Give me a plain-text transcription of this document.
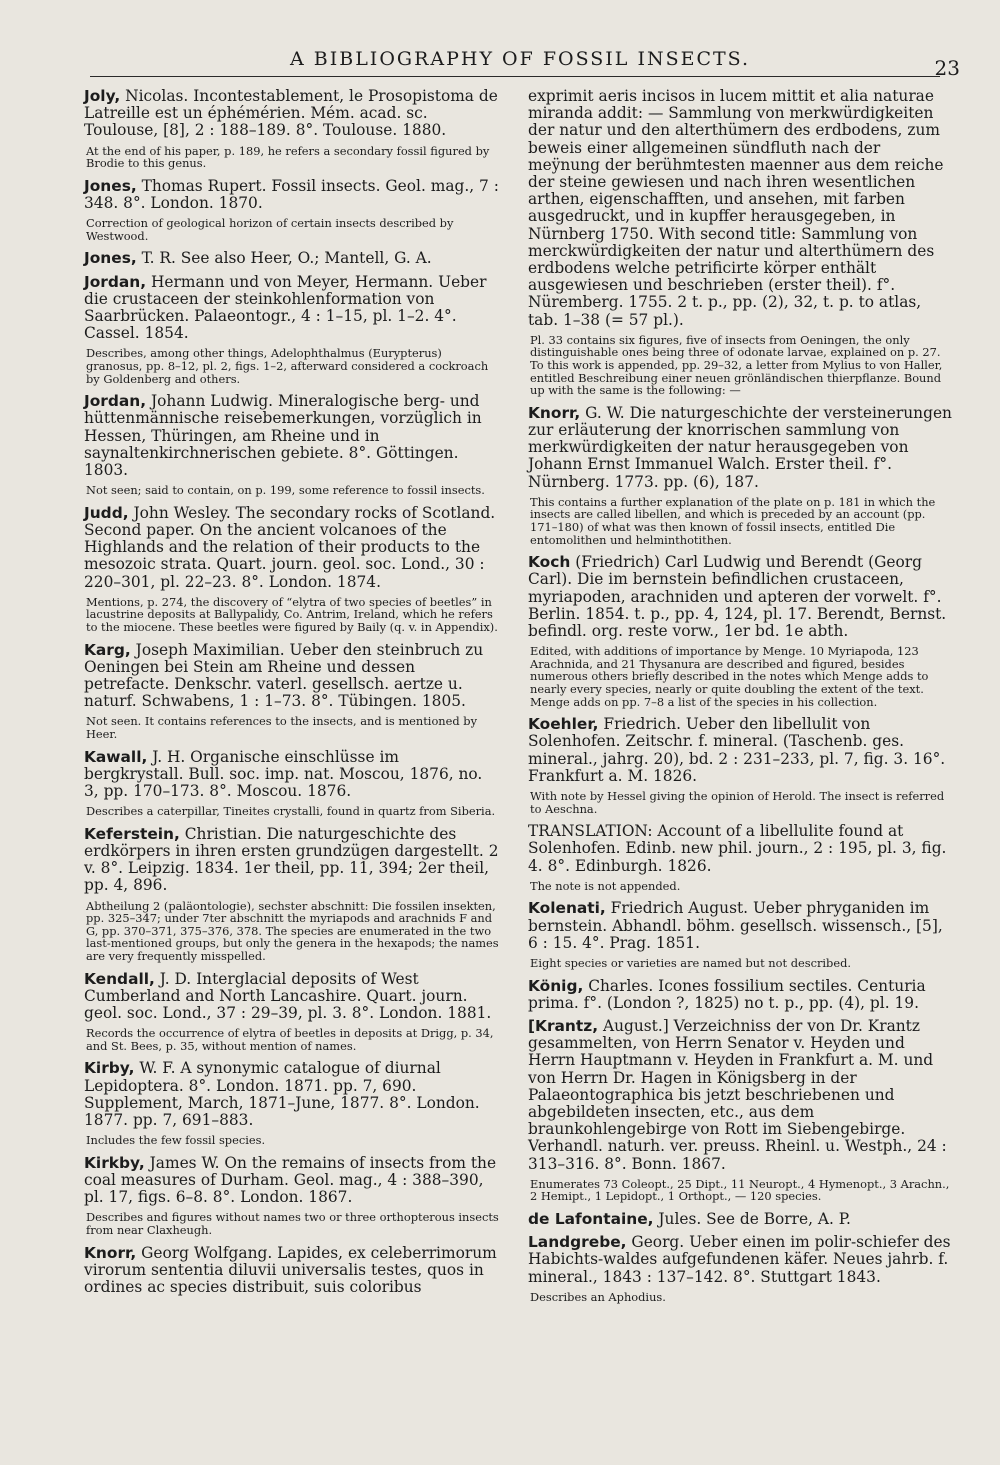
A BIBLIOGRAPHY OF FOSSIL INSECTS.	23

Joly, Nicolas. Incontestablement, le Prosopistoma de Latreille est un éphémérien. Mém. acad. sc. Toulouse, [8], 2 : 188–189. 8°. Toulouse. 1880.

At the end of his paper, p. 189, he refers a secondary fossil figured by Brodie to this genus.

Jones, Thomas Rupert. Fossil insects. Geol. mag., 7 : 348. 8°. London. 1870.

Correction of geological horizon of certain insects described by Westwood.

Jones, T. R. See also Heer, O.; Mantell, G. A.

Jordan, Hermann und von Meyer, Hermann. Ueber die crustaceen der steinkohlenformation von Saarbrücken. Palaeontogr., 4 : 1–15, pl. 1–2. 4°. Cassel. 1854.

Describes, among other things, Adelophthalmus (Eurypterus) granosus, pp. 8–12, pl. 2, figs. 1–2, afterward considered a cockroach by Goldenberg and others.

Jordan, Johann Ludwig. Mineralogische berg- und hüttenmännische reisebemerkungen, vorzüglich in Hessen, Thüringen, am Rheine und in saynaltenkirchnerischen gebiete. 8°. Göttingen. 1803.

Not seen; said to contain, on p. 199, some reference to fossil insects.

Judd, John Wesley. The secondary rocks of Scotland. Second paper. On the ancient volcanoes of the Highlands and the relation of their products to the mesozoic strata. Quart. journ. geol. soc. Lond., 30 : 220–301, pl. 22–23. 8°. London. 1874.

Mentions, p. 274, the discovery of “elytra of two species of beetles” in lacustrine deposits at Ballypalidy, Co. Antrim, Ireland, which he refers to the miocene. These beetles were figured by Baily (q. v. in Appendix).

Karg, Joseph Maximilian. Ueber den steinbruch zu Oeningen bei Stein am Rheine und dessen petrefacte. Denkschr. vaterl. gesellsch. aertze u. naturf. Schwabens, 1 : 1–73. 8°. Tübingen. 1805.

Not seen. It contains references to the insects, and is mentioned by Heer.

Kawall, J. H. Organische einschlüsse im bergkrystall. Bull. soc. imp. nat. Moscou, 1876, no. 3, pp. 170–173. 8°. Moscou. 1876.

Describes a caterpillar, Tineites crystalli, found in quartz from Siberia.

Keferstein, Christian. Die naturgeschichte des erdkörpers in ihren ersten grundzügen dargestellt. 2 v. 8°. Leipzig. 1834. 1er theil, pp. 11, 394; 2er theil, pp. 4, 896.

Abtheilung 2 (paläontologie), sechster abschnitt: Die fossilen insekten, pp. 325–347; under 7ter abschnitt the myriapods and arachnids F and G, pp. 370–371, 375–376, 378. The species are enumerated in the two last-mentioned groups, but only the genera in the hexapods; the names are very frequently misspelled.

Kendall, J. D. Interglacial deposits of West Cumberland and North Lancashire. Quart. journ. geol. soc. Lond., 37 : 29–39, pl. 3. 8°. London. 1881.

Records the occurrence of elytra of beetles in deposits at Drigg, p. 34, and St. Bees, p. 35, without mention of names.

Kirby, W. F. A synonymic catalogue of diurnal Lepidoptera. 8°. London. 1871. pp. 7, 690. Supplement, March, 1871–June, 1877. 8°. London. 1877. pp. 7, 691–883.

Includes the few fossil species.

Kirkby, James W. On the remains of insects from the coal measures of Durham. Geol. mag., 4 : 388–390, pl. 17, figs. 6–8. 8°. London. 1867.

Describes and figures without names two or three orthopterous insects from near Claxheugh.

Knorr, Georg Wolfgang. Lapides, ex celeberrimorum virorum sententia diluvii universalis testes, quos in ordines ac species distribuit, suis coloribus

exprimit aeris incisos in lucem mittit et alia naturae miranda addit: — Sammlung von merkwürdigkeiten der natur und den alterthümern des erdbodens, zum beweis einer allgemeinen sündfluth nach der meÿnung der berühmtesten maenner aus dem reiche der steine gewiesen und nach ihren wesentlichen arthen, eigenschafften, und ansehen, mit farben ausgedruckt, und in kupffer herausgegeben, in Nürnberg 1750. With second title: Sammlung von merckwürdigkeiten der natur und alterthümern des erdbodens welche petrificirte körper enthält ausgewiesen und beschrieben (erster theil). f°. Nüremberg. 1755. 2 t. p., pp. (2), 32, t. p. to atlas, tab. 1–38 (= 57 pl.).

Pl. 33 contains six figures, five of insects from Oeningen, the only distinguishable ones being three of odonate larvae, explained on p. 27. To this work is appended, pp. 29–32, a letter from Mylius to von Haller, entitled Beschreibung einer neuen grönländischen thierpflanze. Bound up with the same is the following: —

Knorr, G. W. Die naturgeschichte der versteinerungen zur erläuterung der knorrischen sammlung von merkwürdigkeiten der natur herausgegeben von Johann Ernst Immanuel Walch. Erster theil. f°. Nürnberg. 1773. pp. (6), 187.

This contains a further explanation of the plate on p. 181 in which the insects are called libellen, and which is preceded by an account (pp. 171–180) of what was then known of fossil insects, entitled Die entomolithen und helminthotithen.

Koch (Friedrich) Carl Ludwig und Berendt (Georg Carl). Die im bernstein befindlichen crustaceen, myriapoden, arachniden und apteren der vorwelt. f°. Berlin. 1854. t. p., pp. 4, 124, pl. 17. Berendt, Bernst. befindl. org. reste vorw., 1er bd. 1e abth.

Edited, with additions of importance by Menge. 10 Myriapoda, 123 Arachnida, and 21 Thysanura are described and figured, besides numerous others briefly described in the notes which Menge adds to nearly every species, nearly or quite doubling the extent of the text. Menge adds on pp. 7–8 a list of the species in his collection.

Koehler, Friedrich. Ueber den libellulit von Solenhofen. Zeitschr. f. mineral. (Taschenb. ges. mineral., jahrg. 20), bd. 2 : 231–233, pl. 7, fig. 3. 16°. Frankfurt a. M. 1826.

With note by Hessel giving the opinion of Herold. The insect is referred to Aeschna.

TRANSLATION: Account of a libellulite found at Solenhofen. Edinb. new phil. journ., 2 : 195, pl. 3, fig. 4. 8°. Edinburgh. 1826.

The note is not appended.

Kolenati, Friedrich August. Ueber phryganiden im bernstein. Abhandl. böhm. gesellsch. wissensch., [5], 6 : 15. 4°. Prag. 1851.

Eight species or varieties are named but not described.

König, Charles. Icones fossilium sectiles. Centuria prima. f°. (London ?, 1825) no t. p., pp. (4), pl. 19.

[Krantz, August.] Verzeichniss der von Dr. Krantz gesammelten, von Herrn Senator v. Heyden und Herrn Hauptmann v. Heyden in Frankfurt a. M. und von Herrn Dr. Hagen in Königsberg in der Palaeontographica bis jetzt beschriebenen und abgebildeten insecten, etc., aus dem braunkohlengebirge von Rott im Siebengebirge. Verhandl. naturh. ver. preuss. Rheinl. u. Westph., 24 : 313–316. 8°. Bonn. 1867.

Enumerates 73 Coleopt., 25 Dipt., 11 Neuropt., 4 Hymenopt., 3 Arachn., 2 Hemipt., 1 Lepidopt., 1 Orthopt., — 120 species.

de Lafontaine, Jules. See de Borre, A. P.

Landgrebe, Georg. Ueber einen im polir-schiefer des Habichts-waldes aufgefundenen käfer. Neues jahrb. f. mineral., 1843 : 137–142. 8°. Stuttgart 1843.

Describes an Aphodius.
